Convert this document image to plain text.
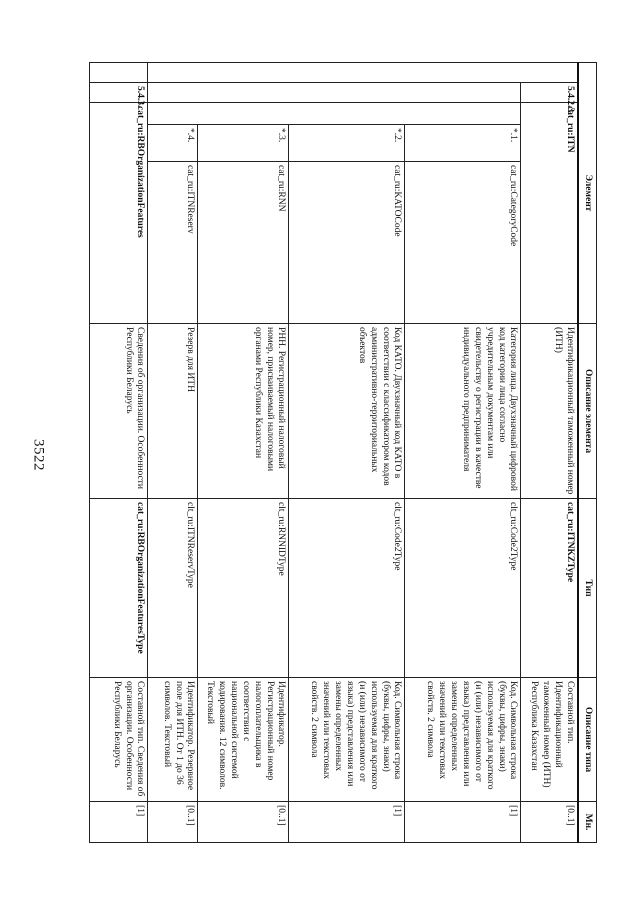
3522
Элемент					Описание элемента	Тип	Описание типа	Мн.
	5.4.2.3.	cat_ru:ITN			Идентификационный таможенный номер (ИТН)	cat_ru:ITNKZType	Составной тип. Идентификационный таможенный номер (ИТН) Республика Казахстан	[0..1]
			*.1.	cat_ru:CategoryCode	Категория лица. Двухзначный цифровой код категории лица согласно учредительным документам или свидетельству о регистрации в качестве индивидуального предпринимателя	clt_ru:Code2Type	Код. Символьная строка (буквы, цифры, знаки) используемая для краткого (и (или) независимого от языка) представления или замены определенных значений или текстовых свойств. 2 символа	[1]
			*.2.	cat_ru:KATOCode	Код КАТО. Двухзначный код КАТО в соответствии с классификатором кодов административно-территориальных объектов	clt_ru:Code2Type	Код. Символьная строка (буквы, цифры, знаки) используемая для краткого (и (или) независимого от языка) представления или замены определенных значений или текстовых свойств. 2 символа	[1]
			*.3.	cat_ru:RNN	РНН. Регистрационный налоговый номер, присваиваемый налоговыми органами Республики Казахстан	clt_ru:RNNIDType	Идентификатор. Регистрационный номер налогоплательщика в соответствии с национальной системой кодирования. 12 символов. Текстовый	[0..1]
			*.4.	cat_ru:ITNReserv	Резерв для ИТН	clt_ru:ITNReservType	Идентификатор. Резервное поле для ИТН. От 1 до 36 символов. Текстовый	[0..1]
	5.4.3.	cat_ru:RBOrganizationFeatures			Сведения об организации. Особенности Республики Беларусь	cat_ru:RBOrganizationFeaturesType	Составной тип. Сведения об организации. Особенности Республики Беларусь	[1]
